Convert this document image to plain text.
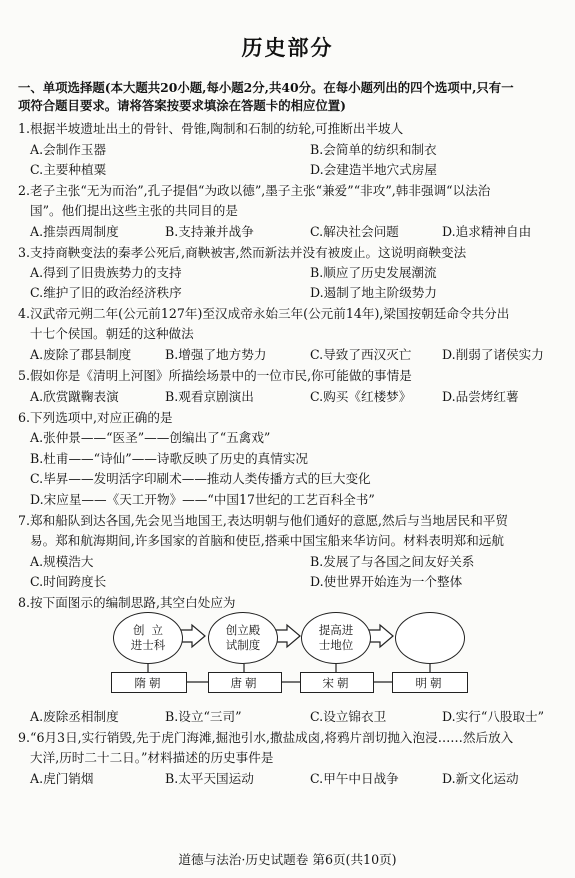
历史部分
一、单项选择题(本大题共20小题,每小题2分,共40分。在每小题列出的四个选项中,只有一
项符合题目要求。请将答案按要求填涂在答题卡的相应位置)
1.根据半坡遗址出土的骨针、骨锥,陶制和石制的纺轮,可推断出半坡人
A.会制作玉器	B.会简单的纺织和制衣
C.主要种植粟	D.会建造半地穴式房屋
2.老子主张“无为而治”,孔子提倡“为政以德”,墨子主张“兼爱”“非攻”,韩非强调“以法治
国”。他们提出这些主张的共同目的是
A.推崇西周制度	B.支持兼并战争	C.解决社会问题	D.追求精神自由
3.支持商鞅变法的秦孝公死后,商鞅被害,然而新法并没有被废止。这说明商鞅变法
A.得到了旧贵族势力的支持	B.顺应了历史发展潮流
C.维护了旧的政治经济秩序	D.遏制了地主阶级势力
4.汉武帝元朔二年(公元前127年)至汉成帝永始三年(公元前14年),梁国按朝廷命令共分出
十七个侯国。朝廷的这种做法
A.废除了郡县制度	B.增强了地方势力	C.导致了西汉灭亡 D.削弱了诸侯实力
5.假如你是《清明上河图》所描绘场景中的一位市民,你可能做的事情是
A.欣赏蹴鞠表演	B.观看京剧演出	C.购买《红楼梦》 D.品尝烤红薯
6.下列选项中,对应正确的是
A.张仲景——“医圣”——创编出了“五禽戏”
B.杜甫——“诗仙”——诗歌反映了历史的真情实况
C.毕昇——发明活字印刷术——推动人类传播方式的巨大变化
D.宋应星——《天工开物》——“中国17世纪的工艺百科全书”
7.郑和船队到达各国,先会见当地国王,表达明朝与他们通好的意愿,然后与当地居民和平贸
易。郑和航海期间,许多国家的首脑和使臣,搭乘中国宝船来华访问。材料表明郑和远航
A.规模浩大	B.发展了与各国之间友好关系
C.时间跨度长	D.使世界开始连为一个整体
8.按下面图示的编制思路,其空白处应为
创 立
进士科
创立殿
试制度
提高进
士地位
隋朝	唐朝	宋朝	明朝
A.废除丞相制度	B.设立“三司”	C.设立锦衣卫	D.实行“八股取士”
9.“6月3日,实行销毁,先于虎门海滩,掘池引水,撒盐成卤,将鸦片剖切抛入泡浸……然后放入
大洋,历时二十二日。”材料描述的历史事件是
A.虎门销烟	B.太平天国运动	C.甲午中日战争	D.新文化运动
道德与法治·历史试题卷 第6页(共10页)
